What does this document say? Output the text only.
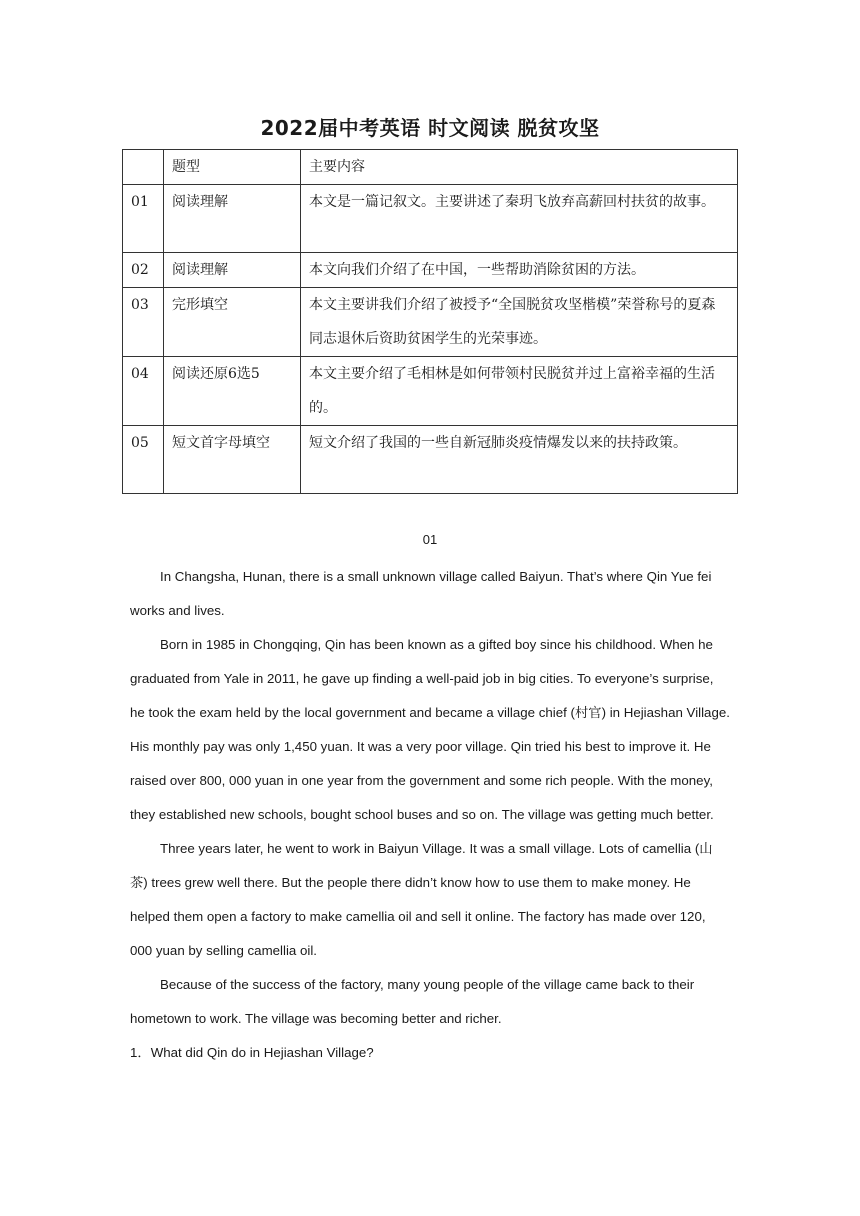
2022届中考英语 时文阅读 脱贫攻坚
	题型	主要内容
01	阅读理解	本文是一篇记叙文。主要讲述了秦玥飞放弃高薪回村扶贫的故事。
02	阅读理解	本文向我们介绍了在中国，一些帮助消除贫困的方法。
03	完形填空	本文主要讲我们介绍了被授予“全国脱贫攻坚楷模”荣誉称号的夏森同志退休后资助贫困学生的光荣事迹。
04	阅读还原6选5	本文主要介绍了毛相林是如何带领村民脱贫并过上富裕幸福的生活的。
05	短文首字母填空	短文介绍了我国的一些自新冠肺炎疫情爆发以来的扶持政策。
01

In Changsha, Hunan, there is a small unknown village called Baiyun. That’s where Qin Yue fei works and lives.

Born in 1985 in Chongqing, Qin has been known as a gifted boy since his childhood. When he graduated from Yale in 2011, he gave up finding a well-paid job in big cities. To everyone’s surprise, he took the exam held by the local government and became a village chief (村官) in Hejiashan Village. His monthly pay was only 1,450 yuan. It was a very poor village. Qin tried his best to improve it. He raised over 800, 000 yuan in one year from the government and some rich people. With the money, they established new schools, bought school buses and so on. The village was getting much better.

Three years later, he went to work in Baiyun Village. It was a small village. Lots of camellia (山茶) trees grew well there. But the people there didn’t know how to use them to make money. He helped them open a factory to make camellia oil and sell it online. The factory has made over 120, 000 yuan by selling camellia oil.

Because of the success of the factory, many young people of the village came back to their hometown to work. The village was becoming better and richer.

1．What did Qin do in Hejiashan Village?
